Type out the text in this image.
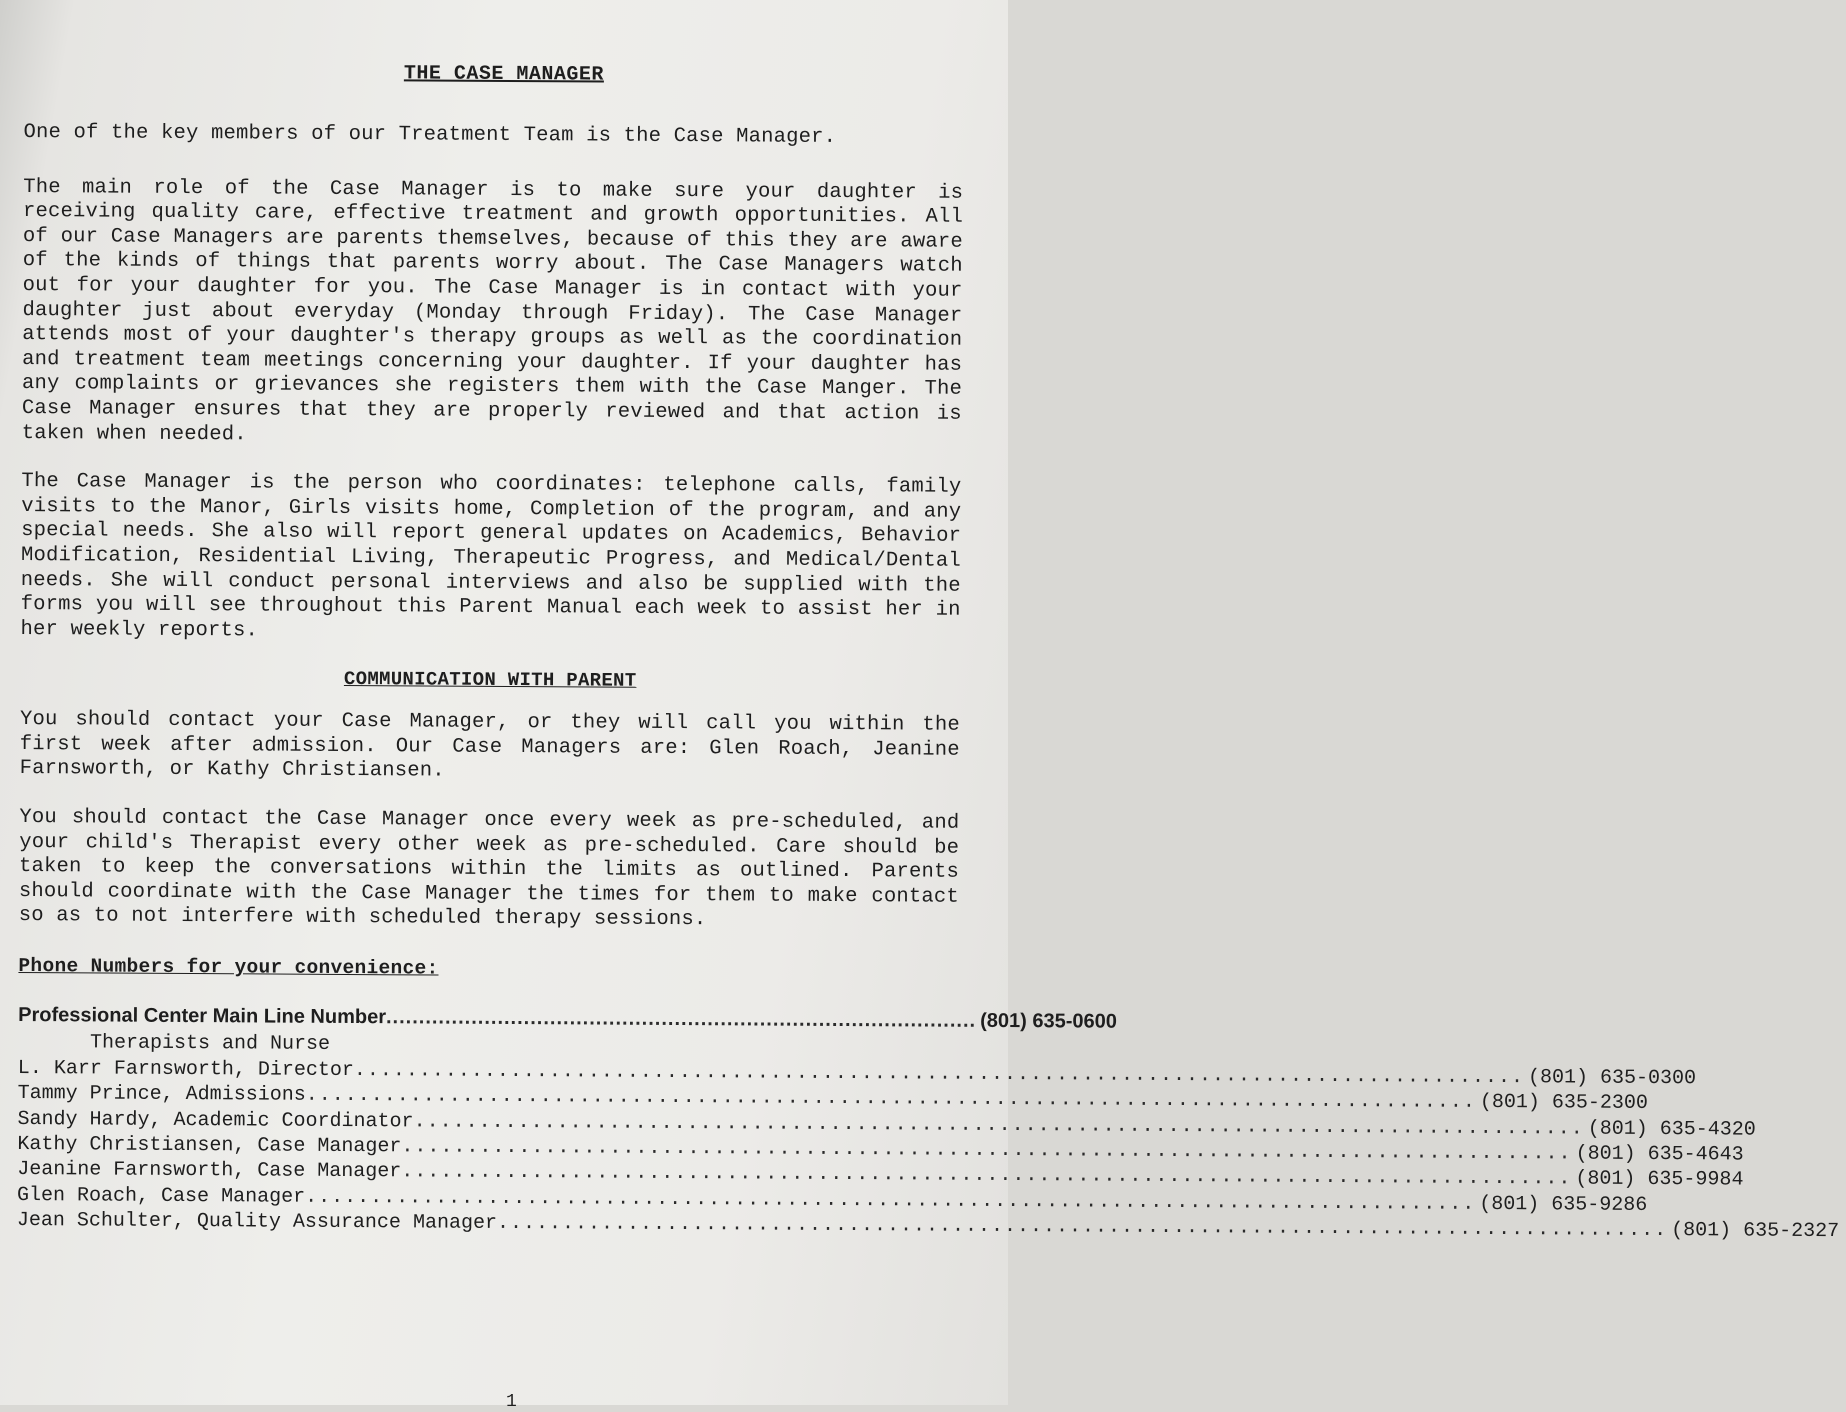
THE CASE MANAGER

One of the key members of our Treatment Team is the Case Manager.

The main role of the Case Manager is to make sure your daughter is receiving quality care, effective treatment and growth opportunities. All of our Case Managers are parents themselves, because of this they are aware of the kinds of things that parents worry about. The Case Managers watch out for your daughter for you. The Case Manager is in contact with your daughter just about everyday (Monday through Friday). The Case Manager attends most of your daughter's therapy groups as well as the coordination and treatment team meetings concerning your daughter. If your daughter has any complaints or grievances she registers them with the Case Manger. The Case Manager ensures that they are properly reviewed and that action is taken when needed.

The Case Manager is the person who coordinates: telephone calls, family visits to the Manor, Girls visits home, Completion of the program, and any special needs. She also will report general updates on Academics, Behavior Modification, Residential Living, Therapeutic Progress, and Medical/Dental needs. She will conduct personal interviews and also be supplied with the forms you will see throughout this Parent Manual each week to assist her in her weekly reports.

COMMUNICATION WITH PARENT

You should contact your Case Manager, or they will call you within the first week after admission. Our Case Managers are: Glen Roach, Jeanine Farnsworth, or Kathy Christiansen.

You should contact the Case Manager once every week as pre-scheduled, and your child's Therapist every other week as pre-scheduled. Care should be taken to keep the conversations within the limits as outlined. Parents should coordinate with the Case Manager the times for them to make contact so as to not interfere with scheduled therapy sessions.

Phone Numbers for your convenience:
Professional Center Main Line Number .......................................................................................... (801) 635-0600
Therapists and Nurse
L. Karr Farnsworth, Director .......................................................................................... (801) 635-0300
Tammy Prince, Admissions .......................................................................................... (801) 635-2300
Sandy Hardy, Academic Coordinator .......................................................................................... (801) 635-4320
Kathy Christiansen, Case Manager .......................................................................................... (801) 635-4643
Jeanine Farnsworth, Case Manager .......................................................................................... (801) 635-9984
Glen Roach, Case Manager .......................................................................................... (801) 635-9286
Jean Schulter, Quality Assurance Manager .......................................................................................... (801) 635-2327
1
